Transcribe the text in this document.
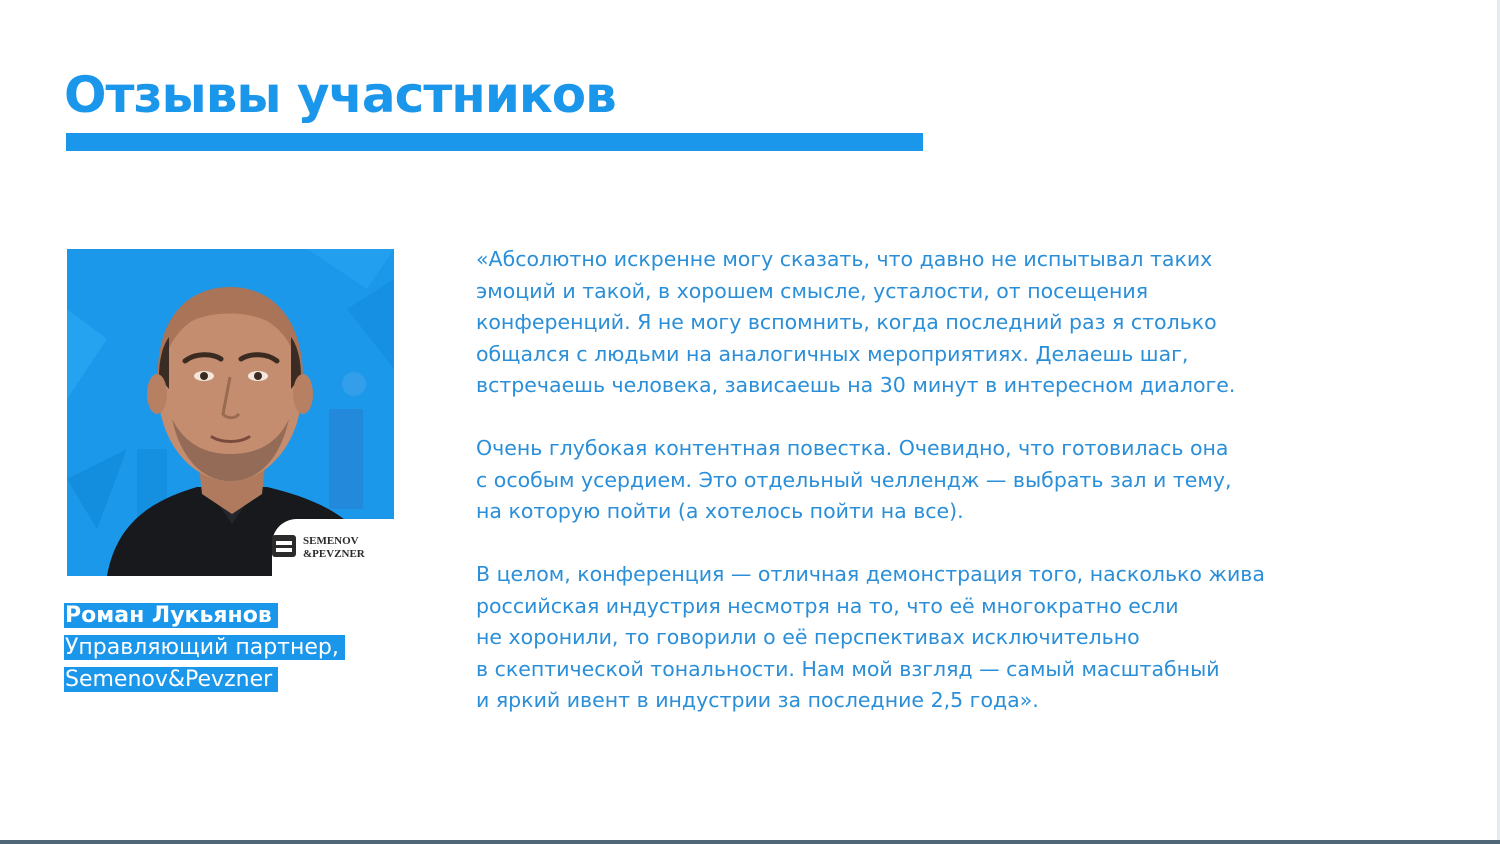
Отзывы участников
SEMENOV
&PEVZNER
Роман Лукьянов
Управляющий партнер,
Semenov&Pevzner

«Абсолютно искренне могу сказать, что давно не испытывал таких
эмоций и такой, в хорошем смысле, усталости, от посещения
конференций. Я не могу вспомнить, когда последний раз я столько
общался с людьми на аналогичных мероприятиях. Делаешь шаг,
встречаешь человека, зависаешь на 30 минут в интересном диалоге.

Очень глубокая контентная повестка. Очевидно, что готовилась она
с особым усердием. Это отдельный челлендж — выбрать зал и тему,
на которую пойти (а хотелось пойти на все).

В целом, конференция — отличная демонстрация того, насколько жива
российская индустрия несмотря на то, что её многократно если
не хоронили, то говорили о её перспективах исключительно
в скептической тональности. Нам мой взгляд — самый масштабный
и яркий ивент в индустрии за последние 2,5 года».
